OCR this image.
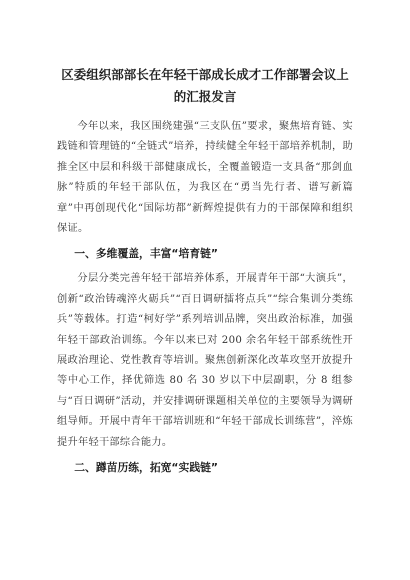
区委组织部部长在年轻干部成长成才工作部署会议上的汇报发言

今年以来，我区围绕建强“三支队伍”要求，聚焦培育链、实践链和管理链的“全链式”培养，持续健全年轻干部培养机制，助推全区中层和科级干部健康成长，全覆盖锻造一支具备“那剑血脉”特质的年轻干部队伍，为我区在“勇当先行者、谱写新篇章”中再创现代化“国际坊都”新辉煌提供有力的干部保障和组织保证。

一、多维覆盖，丰富“培育链”

分层分类完善年轻干部培养体系，开展青年干部“大演兵”，创新“政治铸魂淬火砺兵”“百日调研擂将点兵”“综合集训分类练兵”等载体。打造“柯好学”系列培训品牌，突出政治标准，加强年轻干部政治训练。今年以来已对 200 余名年轻干部系统性开展政治理论、党性教育等培训。聚焦创新深化改革攻坚开放提升等中心工作，择优筛选 80 名 30 岁以下中层副职，分 8 组参与“百日调研”活动，并安排调研课题相关单位的主要领导为调研组导师。开展中青年干部培训班和“年轻干部成长训练营”，淬炼提升年轻干部综合能力。

二、蹲苗历练，拓宽“实践链”
